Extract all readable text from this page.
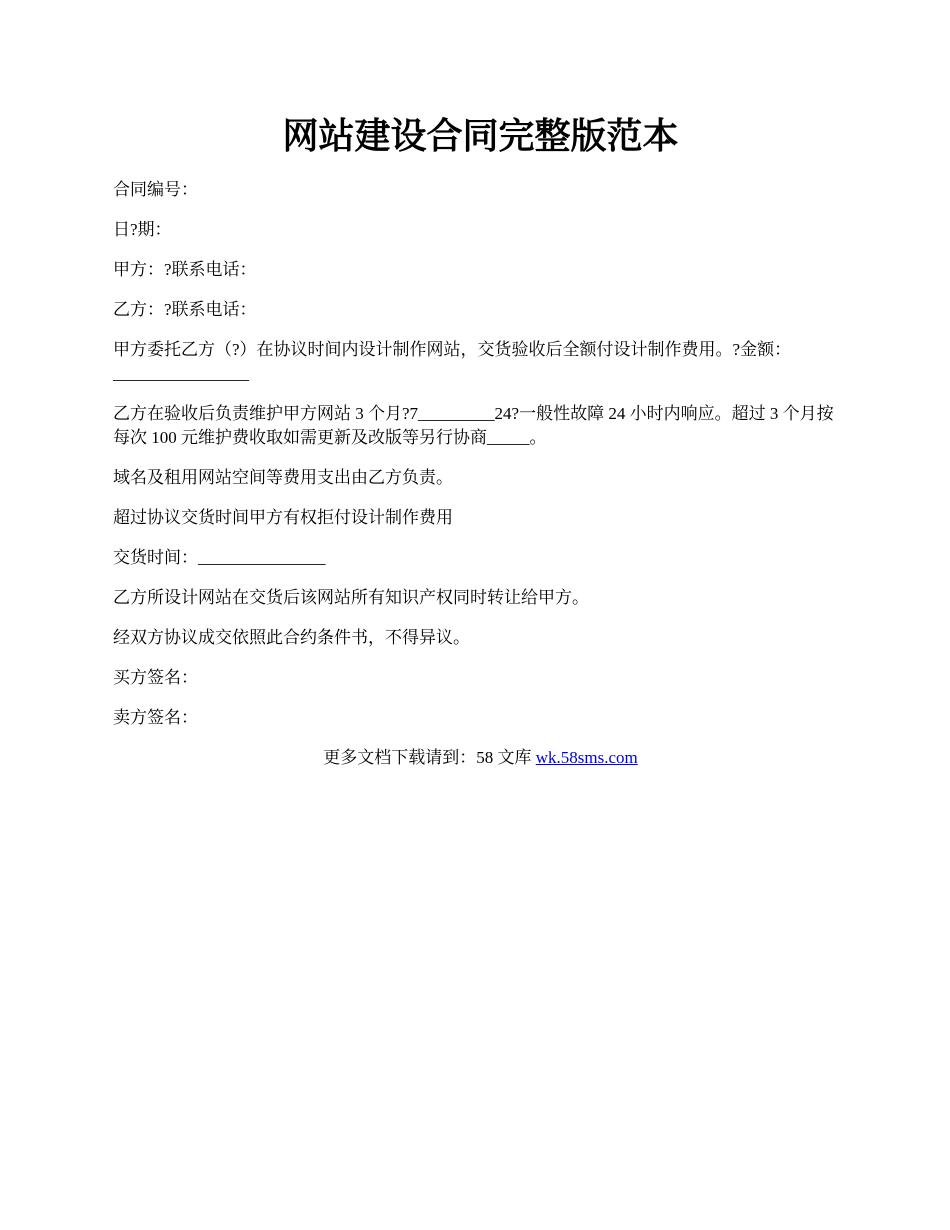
网站建设合同完整版范本

合同编号：

日?期：

甲方：?联系电话：

乙方：?联系电话：

甲方委托乙方（?）在协议时间内设计制作网站，交货验收后全额付设计制作费用。?金额：________________

乙方在验收后负责维护甲方网站 3 个月?7_________24?一般性故障 24 小时内响应。超过 3 个月按每次 100 元维护费收取如需更新及改版等另行协商_____。

域名及租用网站空间等费用支出由乙方负责。

超过协议交货时间甲方有权拒付设计制作费用

交货时间：_______________

乙方所设计网站在交货后该网站所有知识产权同时转让给甲方。

经双方协议成交依照此合约条件书，不得异议。

买方签名：

卖方签名：

更多文档下载请到：58 文库 wk.58sms.com
